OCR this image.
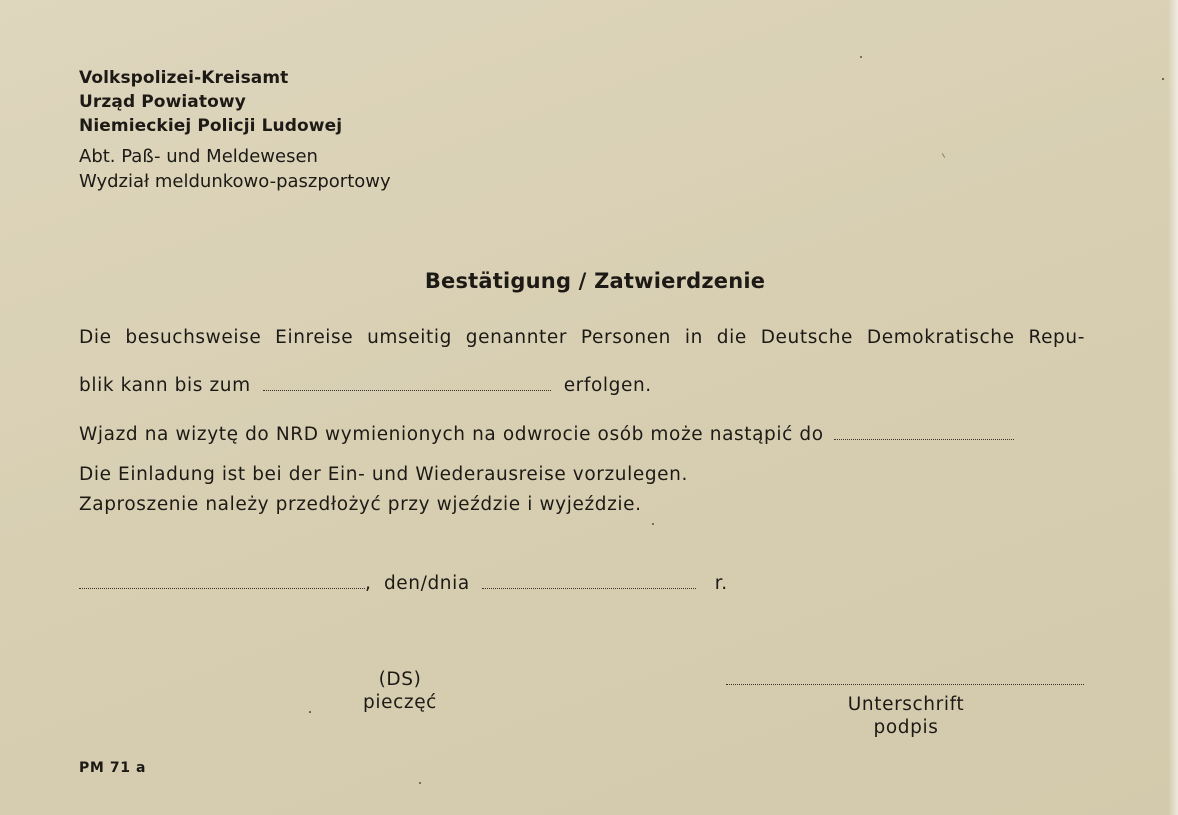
Volkspolizei-Kreisamt
Urząd Powiatowy
Niemieckiej Policji Ludowej
Abt. Paß- und Meldewesen
Wydział meldunkowo-paszportowy
Bestätigung / Zatwierdzenie
Die besuchsweise Einreise umseitig genannter Personen in die Deutsche Demokratische Repu-
blik kann bis zum	erfolgen.
Wjazd na wizytę do NRD wymienionych na odwrocie osób może nastąpić do
Die Einladung ist bei der Ein- und Wiederausreise vorzulegen.
Zaproszenie należy przedłożyć przy wjeździe i wyjeździe.
, den/dnia	r.
(DS)
pieczęć	Unterschrift
podpis
PM 71 a
